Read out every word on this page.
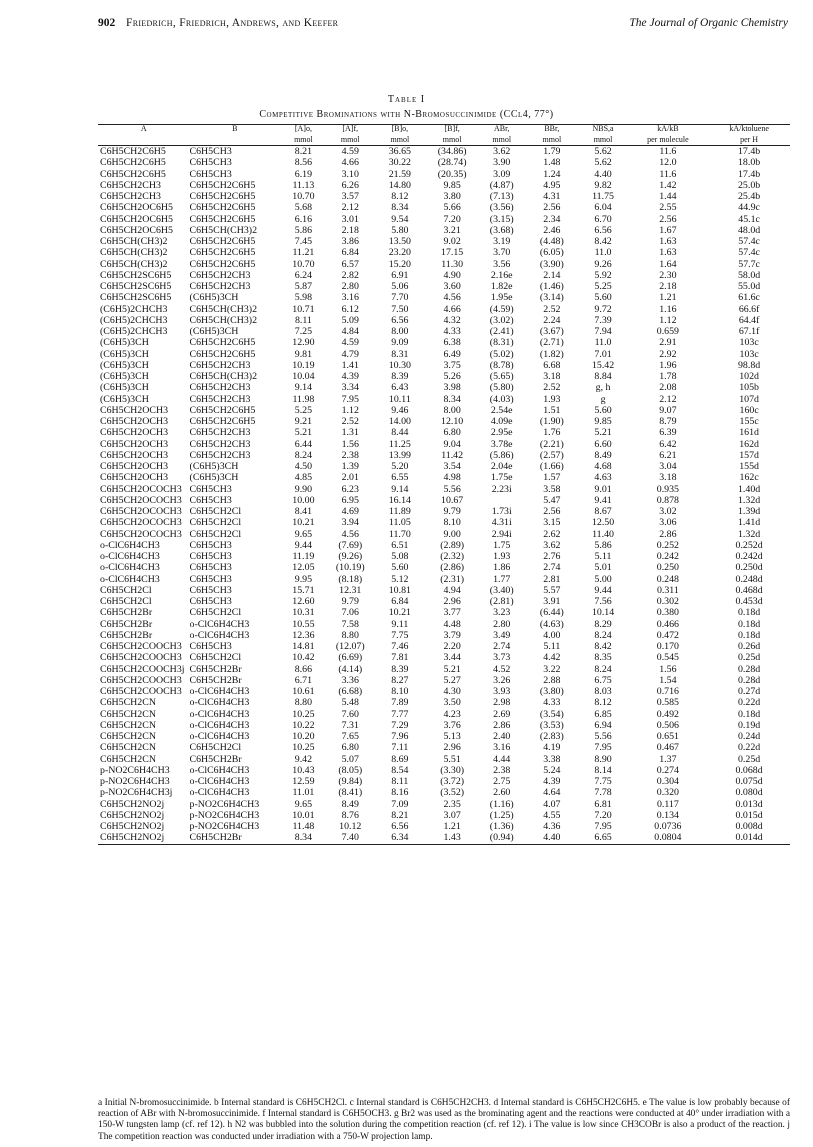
902 Friedrich, Friedrich, Andrews, and Keefer	The Journal of Organic Chemistry
Table I
Competitive Brominations with N-Bromosuccinimide (CCl4, 77°)
A	B	[A]o,	[A]f,	[B]o,	[B]f,	ABr,	BBr,	NBS,a	kA/kB	kA/ktoluene
		mmol	mmol	mmol	mmol	mmol	mmol	mmol	per molecule	per H
C6H5CH2C6H5	C6H5CH3	8.21	4.59	36.65	(34.86)	3.62	1.79	5.62	11.6	17.4b
C6H5CH2C6H5	C6H5CH3	8.56	4.66	30.22	(28.74)	3.90	1.48	5.62	12.0	18.0b
C6H5CH2C6H5	C6H5CH3	6.19	3.10	21.59	(20.35)	3.09	1.24	4.40	11.6	17.4b
C6H5CH2CH3	C6H5CH2C6H5	11.13	6.26	14.80	9.85	(4.87)	4.95	9.82	1.42	25.0b
C6H5CH2CH3	C6H5CH2C6H5	10.70	3.57	8.12	3.80	(7.13)	4.31	11.75	1.44	25.4b
C6H5CH2OC6H5	C6H5CH2C6H5	5.68	2.12	8.34	5.66	(3.56)	2.56	6.04	2.55	44.9c
C6H5CH2OC6H5	C6H5CH2C6H5	6.16	3.01	9.54	7.20	(3.15)	2.34	6.70	2.56	45.1c
C6H5CH2OC6H5	C6H5CH(CH3)2	5.86	2.18	5.80	3.21	(3.68)	2.46	6.56	1.67	48.0d
C6H5CH(CH3)2	C6H5CH2C6H5	7.45	3.86	13.50	9.02	3.19	(4.48)	8.42	1.63	57.4c
C6H5CH(CH3)2	C6H5CH2C6H5	11.21	6.84	23.20	17.15	3.70	(6.05)	11.0	1.63	57.4c
C6H5CH(CH3)2	C6H5CH2C6H5	10.70	6.57	15.20	11.30	3.56	(3.90)	9.26	1.64	57.7c
C6H5CH2SC6H5	C6H5CH2CH3	6.24	2.82	6.91	4.90	2.16e	2.14	5.92	2.30	58.0d
C6H5CH2SC6H5	C6H5CH2CH3	5.87	2.80	5.06	3.60	1.82e	(1.46)	5.25	2.18	55.0d
C6H5CH2SC6H5	(C6H5)3CH	5.98	3.16	7.70	4.56	1.95e	(3.14)	5.60	1.21	61.6c
(C6H5)2CHCH3	C6H5CH(CH3)2	10.71	6.12	7.50	4.66	(4.59)	2.52	9.72	1.16	66.6f
(C6H5)2CHCH3	C6H5CH(CH3)2	8.11	5.09	6.56	4.32	(3.02)	2.24	7.39	1.12	64.4f
(C6H5)2CHCH3	(C6H5)3CH	7.25	4.84	8.00	4.33	(2.41)	(3.67)	7.94	0.659	67.1f
(C6H5)3CH	C6H5CH2C6H5	12.90	4.59	9.09	6.38	(8.31)	(2.71)	11.0	2.91	103c
(C6H5)3CH	C6H5CH2C6H5	9.81	4.79	8.31	6.49	(5.02)	(1.82)	7.01	2.92	103c
(C6H5)3CH	C6H5CH2CH3	10.19	1.41	10.30	3.75	(8.78)	6.68	15.42	1.96	98.8d
(C6H5)3CH	C6H5CH(CH3)2	10.04	4.39	8.39	5.26	(5.65)	3.18	8.84	1.78	102d
(C6H5)3CH	C6H5CH2CH3	9.14	3.34	6.43	3.98	(5.80)	2.52	g, h	2.08	105b
(C6H5)3CH	C6H5CH2CH3	11.98	7.95	10.11	8.34	(4.03)	1.93	g	2.12	107d
C6H5CH2OCH3	C6H5CH2C6H5	5.25	1.12	9.46	8.00	2.54e	1.51	5.60	9.07	160c
C6H5CH2OCH3	C6H5CH2C6H5	9.21	2.52	14.00	12.10	4.09e	(1.90)	9.85	8.79	155c
C6H5CH2OCH3	C6H5CH2CH3	5.21	1.31	8.44	6.80	2.95e	1.76	5.21	6.39	161d
C6H5CH2OCH3	C6H5CH2CH3	6.44	1.56	11.25	9.04	3.78e	(2.21)	6.60	6.42	162d
C6H5CH2OCH3	C6H5CH2CH3	8.24	2.38	13.99	11.42	(5.86)	(2.57)	8.49	6.21	157d
C6H5CH2OCH3	(C6H5)3CH	4.50	1.39	5.20	3.54	2.04e	(1.66)	4.68	3.04	155d
C6H5CH2OCH3	(C6H5)3CH	4.85	2.01	6.55	4.98	1.75e	1.57	4.63	3.18	162c
C6H5CH2OCOCH3	C6H5CH3	9.90	6.23	9.14	5.56	2.23i	3.58	9.01	0.935	1.40d
C6H5CH2OCOCH3	C6H5CH3	10.00	6.95	16.14	10.67		5.47	9.41	0.878	1.32d
C6H5CH2OCOCH3	C6H5CH2Cl	8.41	4.69	11.89	9.79	1.73i	2.56	8.67	3.02	1.39d
C6H5CH2OCOCH3	C6H5CH2Cl	10.21	3.94	11.05	8.10	4.31i	3.15	12.50	3.06	1.41d
C6H5CH2OCOCH3	C6H5CH2Cl	9.65	4.56	11.70	9.00	2.94i	2.62	11.40	2.86	1.32d
o-ClC6H4CH3	C6H5CH3	9.44	(7.69)	6.51	(2.89)	1.75	3.62	5.86	0.252	0.252d
o-ClC6H4CH3	C6H5CH3	11.19	(9.26)	5.08	(2.32)	1.93	2.76	5.11	0.242	0.242d
o-ClC6H4CH3	C6H5CH3	12.05	(10.19)	5.60	(2.86)	1.86	2.74	5.01	0.250	0.250d
o-ClC6H4CH3	C6H5CH3	9.95	(8.18)	5.12	(2.31)	1.77	2.81	5.00	0.248	0.248d
C6H5CH2Cl	C6H5CH3	15.71	12.31	10.81	4.94	(3.40)	5.57	9.44	0.311	0.468d
C6H5CH2Cl	C6H5CH3	12.60	9.79	6.84	2.96	(2.81)	3.91	7.56	0.302	0.453d
C6H5CH2Br	C6H5CH2Cl	10.31	7.06	10.21	3.77	3.23	(6.44)	10.14	0.380	0.18d
C6H5CH2Br	o-ClC6H4CH3	10.55	7.58	9.11	4.48	2.80	(4.63)	8.29	0.466	0.18d
C6H5CH2Br	o-ClC6H4CH3	12.36	8.80	7.75	3.79	3.49	4.00	8.24	0.472	0.18d
C6H5CH2COOCH3	C6H5CH3	14.81	(12.07)	7.46	2.20	2.74	5.11	8.42	0.170	0.26d
C6H5CH2COOCH3	C6H5CH2Cl	10.42	(6.69)	7.81	3.44	3.73	4.42	8.35	0.545	0.25d
C6H5CH2COOCH3j	C6H5CH2Br	8.66	(4.14)	8.39	5.21	4.52	3.22	8.24	1.56	0.28d
C6H5CH2COOCH3	C6H5CH2Br	6.71	3.36	8.27	5.27	3.26	2.88	6.75	1.54	0.28d
C6H5CH2COOCH3	o-ClC6H4CH3	10.61	(6.68)	8.10	4.30	3.93	(3.80)	8.03	0.716	0.27d
C6H5CH2CN	o-ClC6H4CH3	8.80	5.48	7.89	3.50	2.98	4.33	8.12	0.585	0.22d
C6H5CH2CN	o-ClC6H4CH3	10.25	7.60	7.77	4.23	2.69	(3.54)	6.85	0.492	0.18d
C6H5CH2CN	o-ClC6H4CH3	10.22	7.31	7.29	3.76	2.86	(3.53)	6.94	0.506	0.19d
C6H5CH2CN	o-ClC6H4CH3	10.20	7.65	7.96	5.13	2.40	(2.83)	5.56	0.651	0.24d
C6H5CH2CN	C6H5CH2Cl	10.25	6.80	7.11	2.96	3.16	4.19	7.95	0.467	0.22d
C6H5CH2CN	C6H5CH2Br	9.42	5.07	8.69	5.51	4.44	3.38	8.90	1.37	0.25d
p-NO2C6H4CH3	o-ClC6H4CH3	10.43	(8.05)	8.54	(3.30)	2.38	5.24	8.14	0.274	0.068d
p-NO2C6H4CH3	o-ClC6H4CH3	12.59	(9.84)	8.11	(3.72)	2.75	4.39	7.75	0.304	0.075d
p-NO2C6H4CH3j	o-ClC6H4CH3	11.01	(8.41)	8.16	(3.52)	2.60	4.64	7.78	0.320	0.080d
C6H5CH2NO2j	p-NO2C6H4CH3	9.65	8.49	7.09	2.35	(1.16)	4.07	6.81	0.117	0.013d
C6H5CH2NO2j	p-NO2C6H4CH3	10.01	8.76	8.21	3.07	(1.25)	4.55	7.20	0.134	0.015d
C6H5CH2NO2j	p-NO2C6H4CH3	11.48	10.12	6.56	1.21	(1.36)	4.36	7.95	0.0736	0.008d
C6H5CH2NO2j	C6H5CH2Br	8.34	7.40	6.34	1.43	(0.94)	4.40	6.65	0.0804	0.014d
a Initial N-bromosuccinimide. b Internal standard is C6H5CH2Cl. c Internal standard is C6H5CH2CH3. d Internal standard is C6H5CH2C6H5. e The value is low probably because of reaction of ABr with N-bromosuccinimide. f Internal standard is C6H5OCH3. g Br2 was used as the brominating agent and the reactions were conducted at 40° under irradiation with a 150-W tungsten lamp (cf. ref 12). h N2 was bubbled into the solution during the competition reaction (cf. ref 12). i The value is low since CH3COBr is also a product of the reaction. j The competition reaction was conducted under irradiation with a 750-W projection lamp.
